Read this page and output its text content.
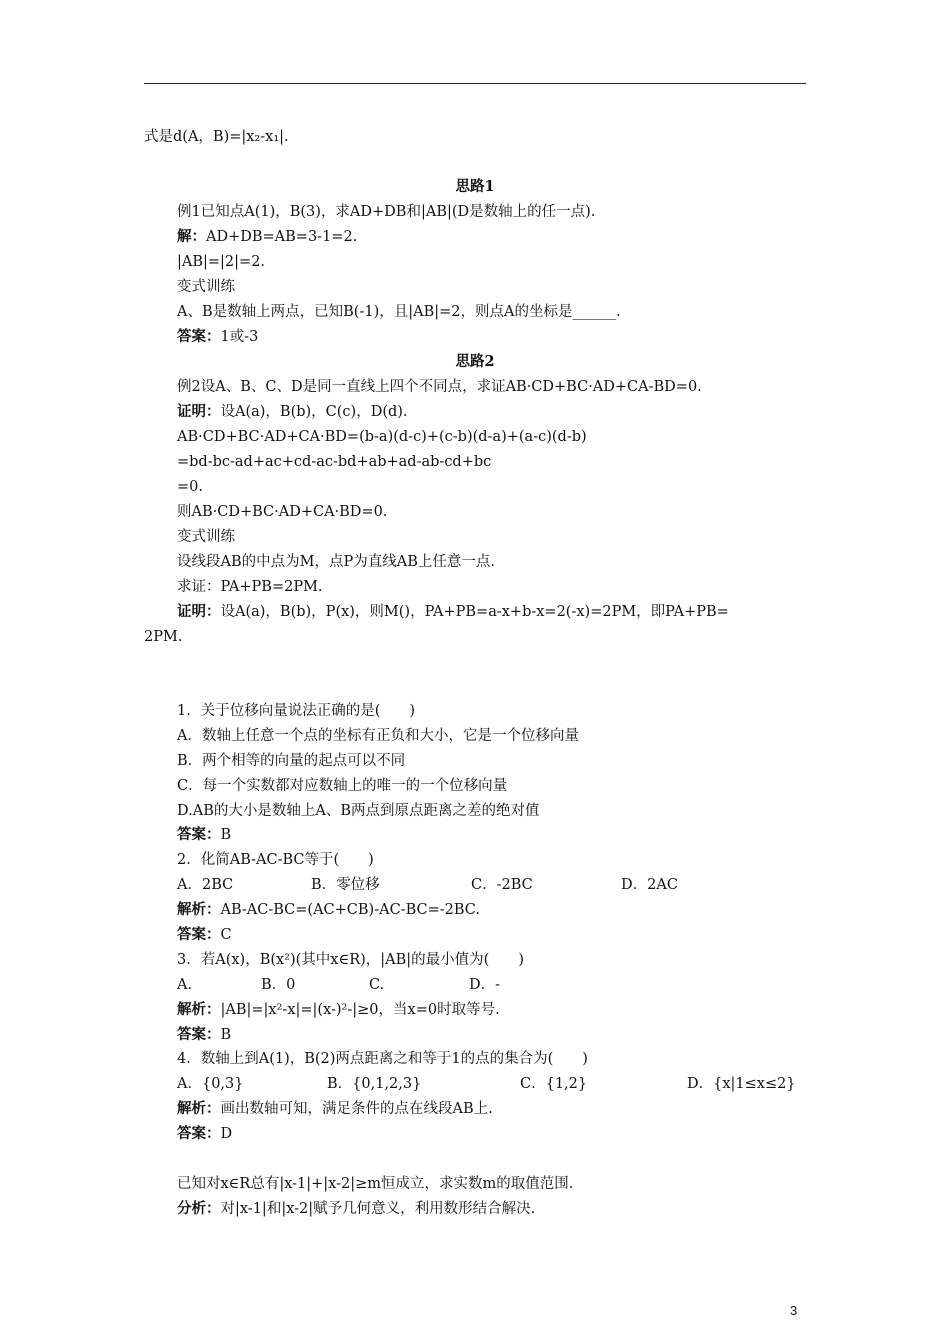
式是d(A，B)=|x₂-x₁|.
思路1
例1已知点A(1)，B(3)，求AD+DB和|AB|(D是数轴上的任一点).
解：AD+DB=AB=3-1=2.
|AB|=|2|=2.
变式训练
A、B是数轴上两点，已知B(-1)，且|AB|=2，则点A的坐标是______.
答案：1或-3
思路2
例2设A、B、C、D是同一直线上四个不同点，求证AB·CD+BC·AD+CA-BD=0.
证明：设A(a)，B(b)，C(c)，D(d).
AB·CD+BC·AD+CA·BD=(b-a)(d-c)+(c-b)(d-a)+(a-c)(d-b)
=bd-bc-ad+ac+cd-ac-bd+ab+ad-ab-cd+bc
=0.
则AB·CD+BC·AD+CA·BD=0.
变式训练
设线段AB的中点为M，点P为直线AB上任意一点.
求证：PA+PB=2PM.
证明：设A(a)，B(b)，P(x)，则M()，PA+PB=a-x+b-x=2(-x)=2PM，即PA+PB=
2PM.
1．关于位移向量说法正确的是(　　)
A．数轴上任意一个点的坐标有正负和大小，它是一个位移向量
B．两个相等的向量的起点可以不同
C．每一个实数都对应数轴上的唯一的一个位移向量
D.AB的大小是数轴上A、B两点到原点距离之差的绝对值
答案：B
2．化简AB-AC-BC等于(　　)
A．2BC	B．零位移	C．-2BC	D．2AC
解析：AB-AC-BC=(AC+CB)-AC-BC=-2BC.
答案：C
3．若A(x)，B(x²)(其中x∈R)，|AB|的最小值为(　　)
A.	B．0	C.	D．-
解析：|AB|=|x²-x|=|(x-)²-|≥0，当x=0时取等号.
答案：B
4．数轴上到A(1)，B(2)两点距离之和等于1的点的集合为(　　)
A．{0,3}	B．{0,1,2,3}	C．{1,2}	D．{x|1≤x≤2}
解析：画出数轴可知，满足条件的点在线段AB上.
答案：D
已知对x∈R总有|x-1|+|x-2|≥m恒成立，求实数m的取值范围.
分析：对|x-1|和|x-2|赋予几何意义，利用数形结合解决.
3
